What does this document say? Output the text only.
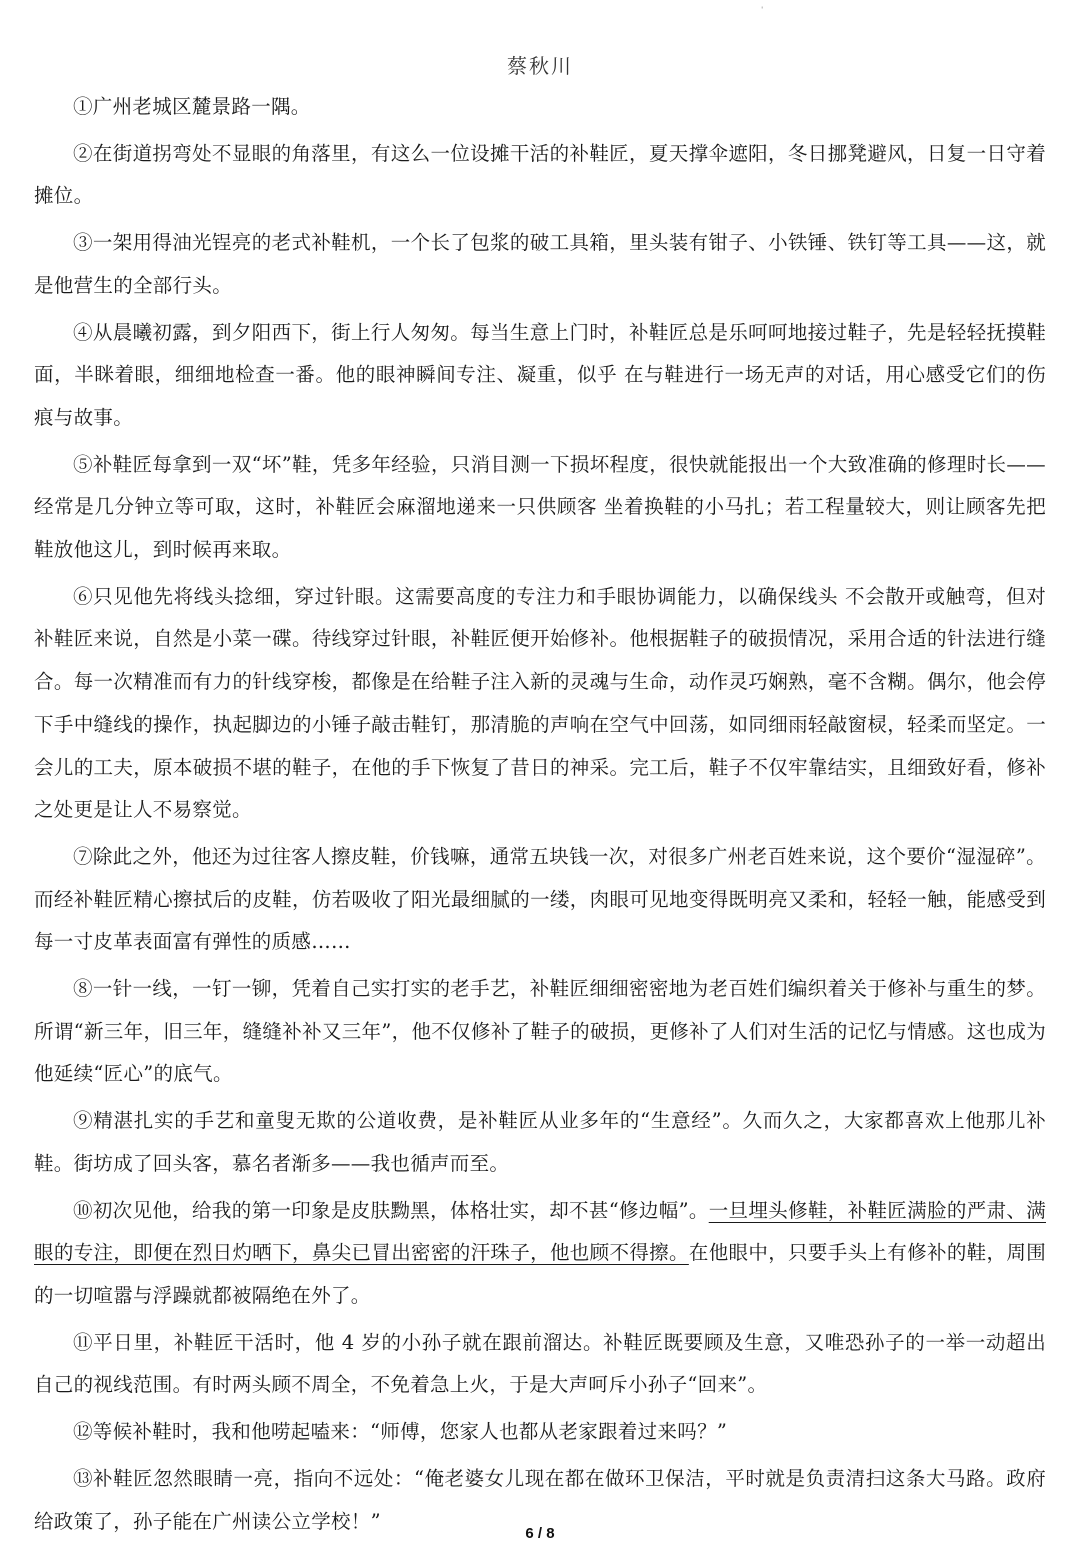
ˈ
蔡秋川

①广州老城区麓景路一隅。

②在街道拐弯处不显眼的角落里，有这么一位设摊干活的补鞋匠，夏天撑伞遮阳，冬日挪凳避风，日复一日守着摊位。

③一架用得油光锃亮的老式补鞋机，一个长了包浆的破工具箱，里头装有钳子、小铁锤、铁钉等工具——这，就是他营生的全部行头。

④从晨曦初露，到夕阳西下，街上行人匆匆。每当生意上门时，补鞋匠总是乐呵呵地接过鞋子，先是轻轻抚摸鞋面，半眯着眼，细细地检查一番。他的眼神瞬间专注、凝重，似乎 在与鞋进行一场无声的对话，用心感受它们的伤痕与故事。

⑤补鞋匠每拿到一双“坏”鞋，凭多年经验，只消目测一下损坏程度，很快就能报出一个大致准确的修理时长——经常是几分钟立等可取，这时，补鞋匠会麻溜地递来一只供顾客 坐着换鞋的小马扎；若工程量较大，则让顾客先把鞋放他这儿，到时候再来取。

⑥只见他先将线头捻细，穿过针眼。这需要高度的专注力和手眼协调能力，以确保线头 不会散开或触弯，但对补鞋匠来说，自然是小菜一碟。待线穿过针眼，补鞋匠便开始修补。他根据鞋子的破损情况，采用合适的针法进行缝合。每一次精准而有力的针线穿梭，都像是在给鞋子注入新的灵魂与生命，动作灵巧娴熟，毫不含糊。偶尔，他会停下手中缝线的操作，执起脚边的小锤子敲击鞋钉，那清脆的声响在空气中回荡，如同细雨轻敲窗棂，轻柔而坚定。一会儿的工夫，原本破损不堪的鞋子，在他的手下恢复了昔日的神采。完工后，鞋子不仅牢靠结实，且细致好看，修补之处更是让人不易察觉。

⑦除此之外，他还为过往客人擦皮鞋，价钱嘛，通常五块钱一次，对很多广州老百姓来说，这个要价“湿湿碎”。而经补鞋匠精心擦拭后的皮鞋，仿若吸收了阳光最细腻的一缕，肉眼可见地变得既明亮又柔和，轻轻一触，能感受到每一寸皮革表面富有弹性的质感……

⑧一针一线，一钉一铆，凭着自己实打实的老手艺，补鞋匠细细密密地为老百姓们编织着关于修补与重生的梦。所谓“新三年，旧三年，缝缝补补又三年”，他不仅修补了鞋子的破损，更修补了人们对生活的记忆与情感。这也成为他延续“匠心”的底气。

⑨精湛扎实的手艺和童叟无欺的公道收费，是补鞋匠从业多年的“生意经”。久而久之，大家都喜欢上他那儿补鞋。街坊成了回头客，慕名者渐多——我也循声而至。

⑩初次见他，给我的第一印象是皮肤黝黑，体格壮实，却不甚“修边幅”。一旦埋头修鞋，补鞋匠满脸的严肃、满眼的专注，即便在烈日灼晒下，鼻尖已冒出密密的汗珠子，他也顾不得擦。在他眼中，只要手头上有修补的鞋，周围的一切喧嚣与浮躁就都被隔绝在外了。

⑪平日里，补鞋匠干活时，他 4 岁的小孙子就在跟前溜达。补鞋匠既要顾及生意，又唯恐孙子的一举一动超出自己的视线范围。有时两头顾不周全，不免着急上火，于是大声呵斥小孙子“回来”。

⑫等候补鞋时，我和他唠起嗑来：“师傅，您家人也都从老家跟着过来吗？”

⑬补鞋匠忽然眼睛一亮，指向不远处：“俺老婆女儿现在都在做环卫保洁，平时就是负责清扫这条大马路。政府给政策了，孙子能在广州读公立学校！”

6 / 8
